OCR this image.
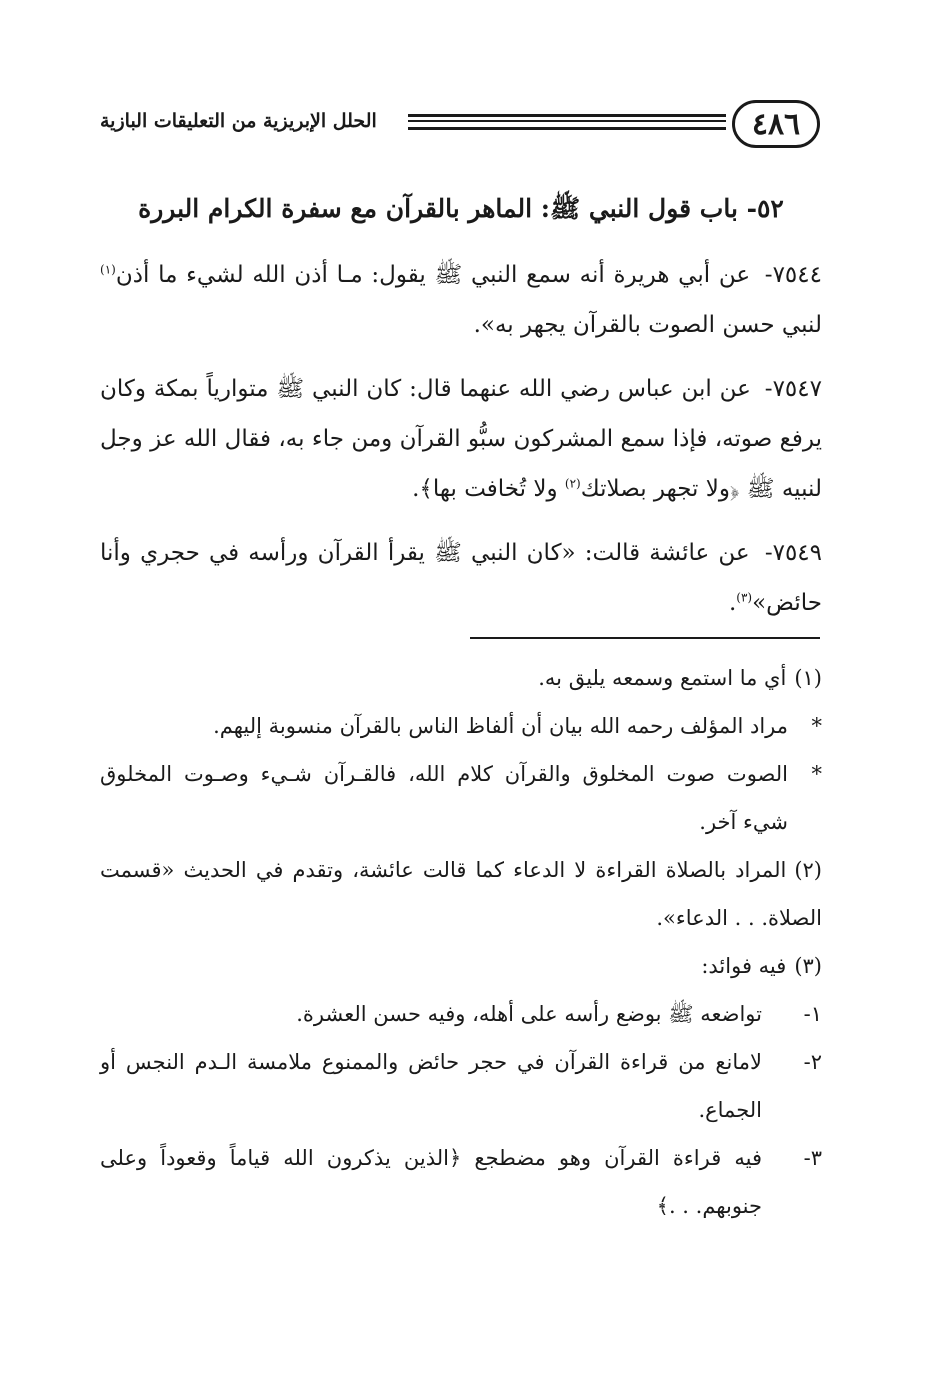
٤٨٦
الحلل الإبريزية من التعليقات البازية
٥٢- باب قول النبي ﷺ: الماهر بالقرآن مع سفرة الكرام البررة

٧٥٤٤- عن أبي هريرة أنه سمع النبي ﷺ يقول: مـا أذن الله لشيء ما أذن$^{(١)}$ لنبي حسن الصوت بالقرآن يجهر به».

٧٥٤٧- عن ابن عباس رضي الله عنهما قال: كان النبي ﷺ متوارياً بمكة وكان يرفع صوته، فإذا سمع المشركون سبُّو القرآن ومن جاء به، فقال الله عز وجل لنبيه ﷺ ﴿ولا تجهر بصلاتك$^{(٢)}$ ولا تُخافت بها﴾.

٧٥٤٩- عن عائشة قالت: «كان النبي ﷺ يقرأ القرآن ورأسه في حجري وأنا حائض»$^{(٣)}$.

(١)أي ما استمع وسمعه يليق به.
*
مراد المؤلف رحمه الله بيان أن ألفاظ الناس بالقرآن منسوبة إليهم.
*
الصوت صوت المخلوق والقرآن كلام الله، فالقـرآن شـيء وصـوت المخلوق شيء آخر.
(٢)المراد بالصلاة القراءة لا الدعاء كما قالت عائشة، وتقدم في الحديث «قسمت الصلاة. . . الدعاء».
(٣)فيه فوائد:
١-
تواضعه ﷺ بوضع رأسه على أهله، وفيه حسن العشرة.
٢-
لامانع من قراءة القرآن في حجر حائض والممنوع ملامسة الـدم النجس أو الجماع.
٣-
فيه قراءة القرآن وهو مضطجع ﴿الذين يذكرون الله قياماً وقعوداً وعلى جنوبهم. . .﴾
